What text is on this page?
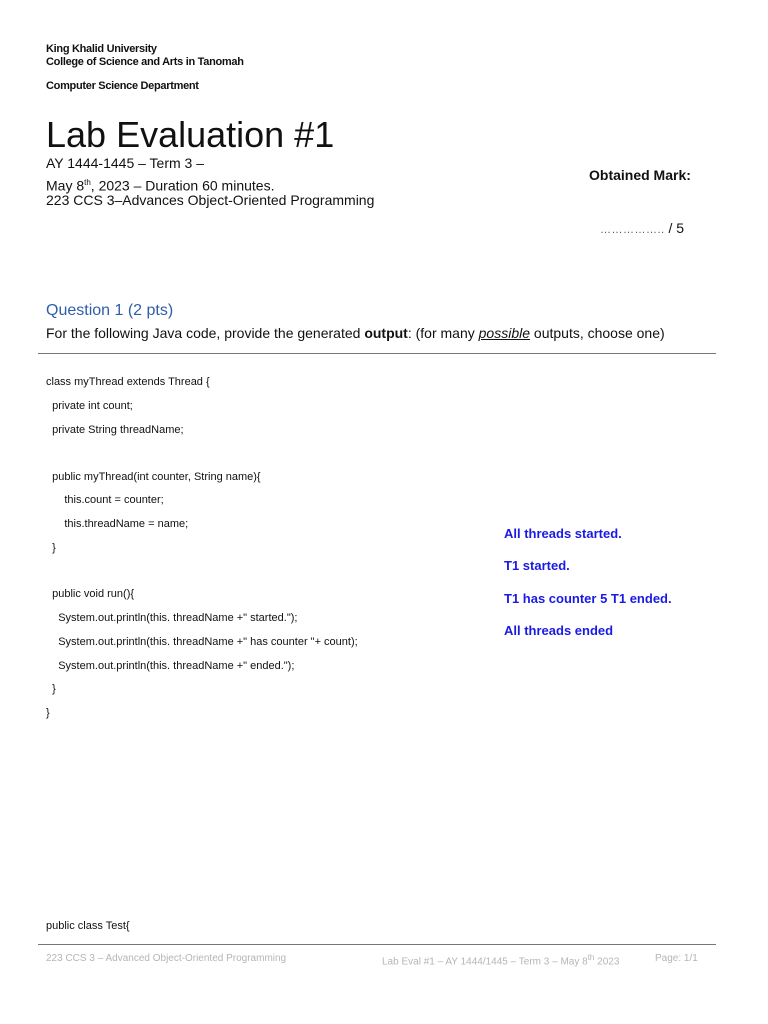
King Khalid University
College of Science and Arts in Tanomah
Computer Science Department
Lab Evaluation #1
AY 1444-1445 – Term 3 –
May 8th, 2023 – Duration 60 minutes.
223 CCS 3–Advances Object-Oriented Programming
Obtained Mark:
…………….. / 5
Question 1 (2 pts)
For the following Java code, provide the generated output: (for many possible outputs, choose one)
class myThread extends Thread {
private int count;
private String threadName;
public myThread(int counter, String name){
this.count = counter;
this.threadName = name;
}
public void run(){
System.out.println(this. threadName +" started.");
System.out.println(this. threadName +" has counter "+ count);
System.out.println(this. threadName +" ended.");
}
}
public class Test{
All threads started.
T1 started.
T1 has counter 5 T1 ended.
All threads ended
223 CCS 3 – Advanced Object-Oriented Programming	Lab Eval #1 – AY 1444/1445 – Term 3 – May 8th 2023	Page: 1/1
